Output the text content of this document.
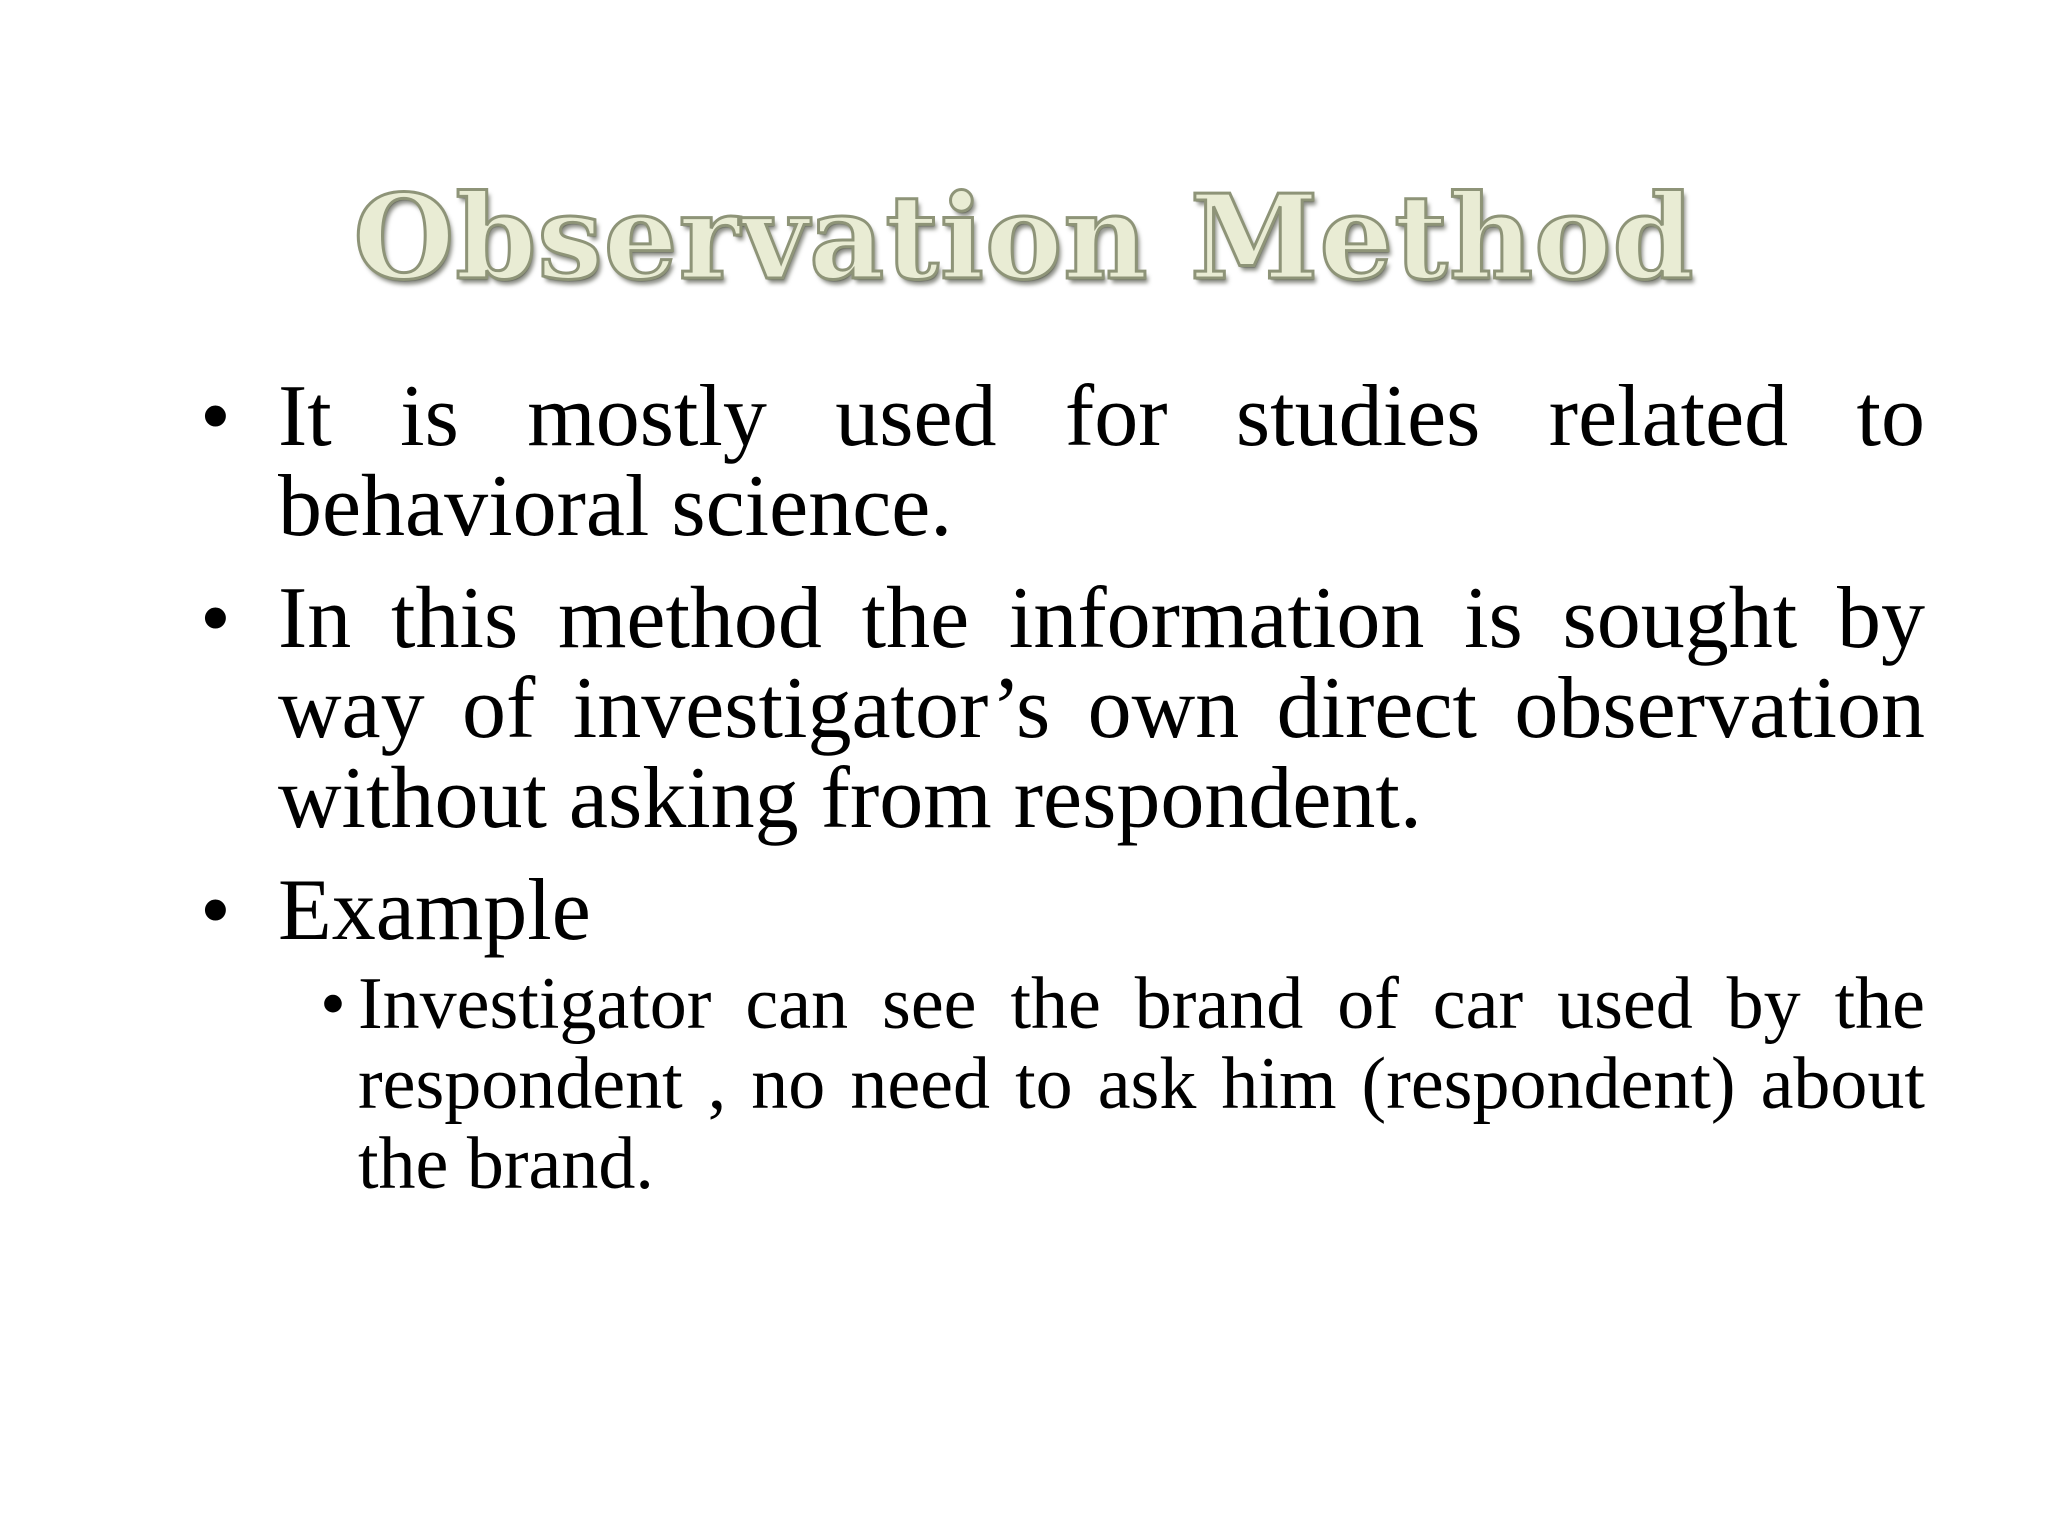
Observation Method
• It is mostly used for studies related to behavioral science.
• In this method the information is sought by way of investigator’s own direct observation without asking from respondent.
• Example
• Investigator can see the brand of car used by the respondent , no need to ask him (respondent) about the brand.
